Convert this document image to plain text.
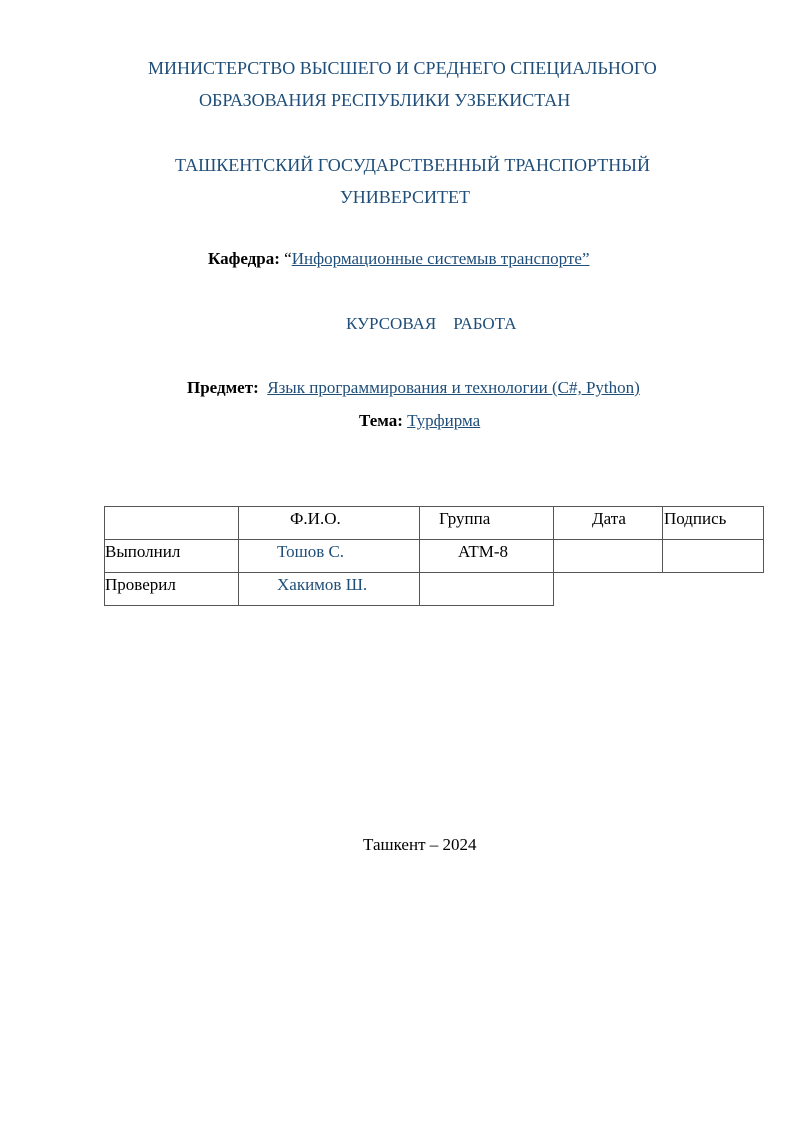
МИНИСТЕРСТВО ВЫСШЕГО И СРЕДНЕГО СПЕЦИАЛЬНОГО
ОБРАЗОВАНИЯ РЕСПУБЛИКИ УЗБЕКИСТАН
ТАШКЕНТСКИЙ ГОСУДАРСТВЕННЫЙ ТРАНСПОРТНЫЙ
УНИВЕРСИТЕТ
Кафедра: “Информационные системыв транспорте”
КУРСОВАЯ РАБОТА
Предмет: Язык программирования и технологии (C#, Python)
Тема: Турфирма

	Ф.И.О.	Группа	Дата	Подпись

Выполнил	Тошов С.	ATM-8		

Проверил	Хакимов Ш.			

Ташкент – 2024
